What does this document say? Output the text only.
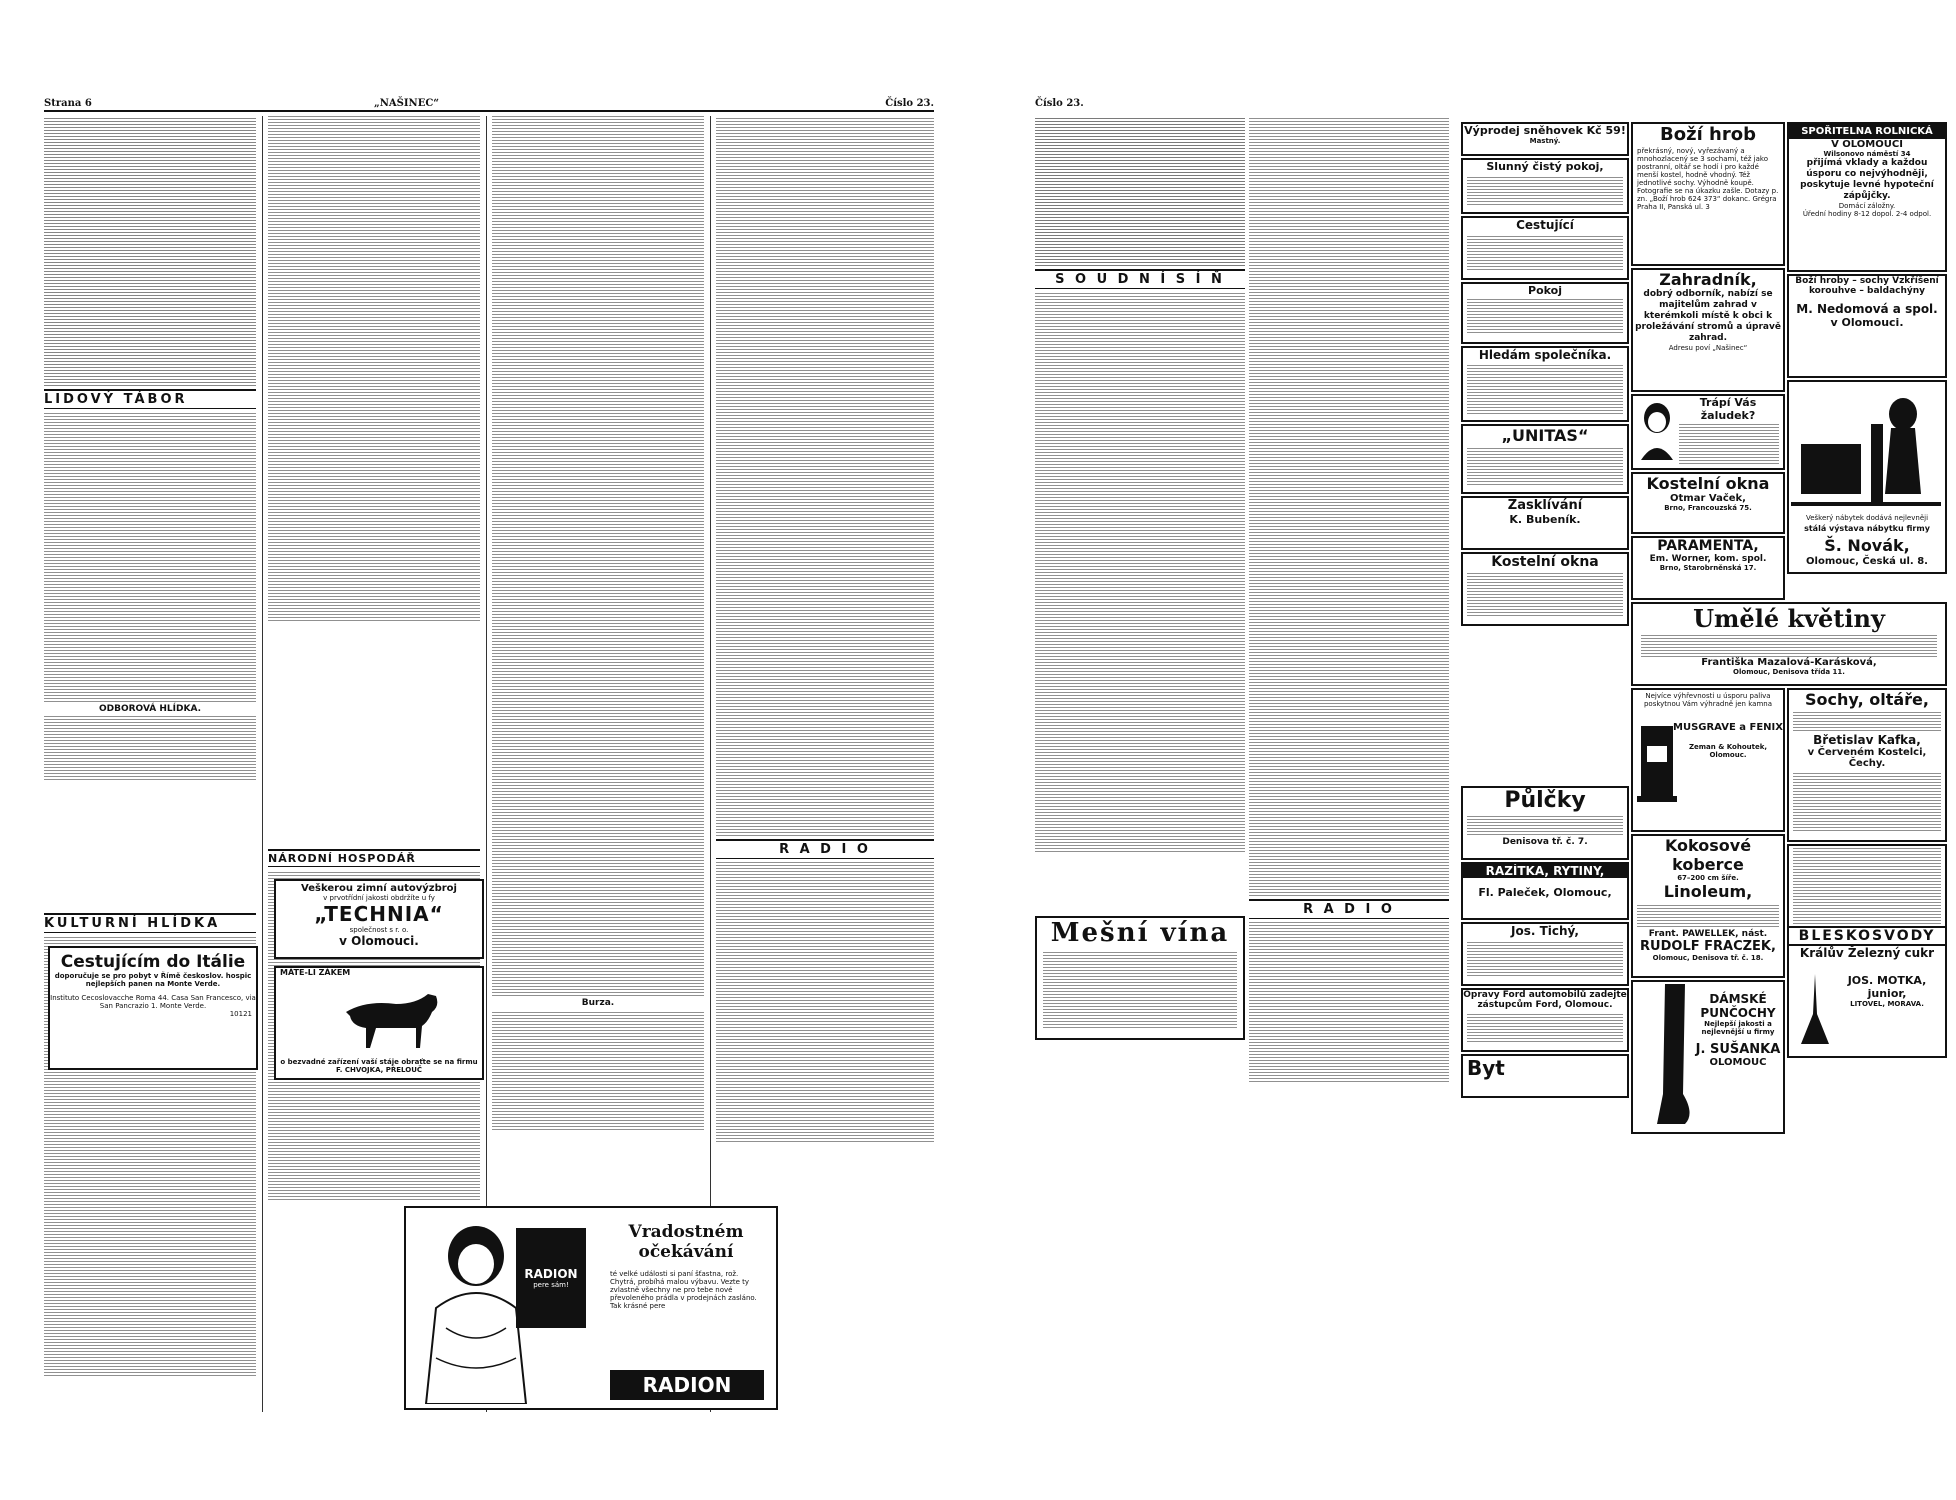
Strana 6	„NAŠINEC“	Číslo 23.
LIDOVÝ TÁBOR
ODBOROVÁ HLÍDKA.
KULTURNÍ HLÍDKA
NÁRODNÍ HOSPODÁŘ
Burza.
R A D I O
Cestujícím do Itálie
doporučuje se pro pobyt v Římě českoslov. hospic nejlepších panen na Monte Verde.
Instituto Cecoslovacche Roma 44. Casa San Francesco, via San Pancrazio 1. Monte Verde.
10121
Veškerou zimní autovýzbroj
v prvotřídní jakosti obdržíte u fy
„TECHNIA“
společnost s r. o.
v Olomouci.
MÁTE-LI ZÁKEM
o bezvadné zařízení vaší stáje obraťte se na firmu F. CHVOJKA, PŘELOUČ
RADION
pere sám!
Vradostném očekávání
té velké události si paní šťastna, rož. Chytrá, probíhá malou výbavu. Vezte ty zvlastně všechny ne pro tebe nové převoleného prádla v prodejnách zasláno. Tak krásné pere
RADION
Číslo 23.
S O U D N Í S Í Ň
R A D I O
Mešní vína
Výprodej sněhovek Kč 59!
Mastný.	Boží hrob
překrásný, nový, vyřezávaný a mnohozlacený se 3 sochami, též jako postranní, oltář se hodí i pro každé menší kostel, hodně vhodný. Též jednotlivé sochy. Výhodně koupě. Fotografie se na úkazku zašle. Dotazy p. zn. „Boží hrob 624 373“ dokanc. Grégra Praha II, Panská ul. 3
SPOŘITELNA ROLNICKÁ
V OLOMOUCI
Wilsonovo náměstí 34
přijímá vklady a každou úsporu co nejvýhodněji, poskytuje levné hypoteční zápůjčky.
Domácí záložny.
Úřední hodiny 8-12 dopol. 2-4 odpol.
Slunný čistý pokoj,
Cestující
Zahradník,
dobrý odborník, nabízí se majitelům zahrad v kterémkoli místě k obci k proležávání stromů a úpravě zahrad.
Adresu poví „Našinec“
Boží hroby – sochy Vzkříšení
korouhve – baldachýny
M. Nedomová a spol.
v Olomouci.
Pokoj
Trápí Vás žaludek?
Hledám společníka.
Kostelní okna
Otmar Vaček,
Brno, Francouzská 75.
Veškerý nábytek dodává nejlevněji
stálá výstava nábytku firmy
Š. Novák,
Olomouc, Česká ul. 8.
„UNITAS“
PARAMENTA,
Em. Worner, kom. spol.
Brno, Starobrněnská 17.
Zasklívání
K. Bubeník.
Kostelní okna
Umělé květiny
Františka Mazalová-Karásková,
Olomouc, Denisova třída 11.
Nejvíce výhřevnosti u úsporu paliva poskytnou Vám výhradně jen kamna
MUSGRAVE a FENIX
Zeman & Kohoutek, Olomouc.
Sochy, oltáře,
Břetislav Kafka,
v Červeném Kostelci, Čechy.
Půlčky
Denisova tř. č. 7.	Kokosové koberce
67–200 cm šíře.
Linoleum,
Frant. PAWELLEK, nást.
RUDOLF FRACZEK,
Olomouc, Denisova tř. č. 18.
RAZÍTKA, RYTINY,
Fl. Paleček, Olomouc,
Jos. Tichý,	BLESKOSVODY
Králův Železný cukr
JOS. MOTKA, junior,
LITOVEL, MORAVA.
Opravy Ford automobilů zadejte zástupcům Ford, Olomouc.
Byt
DÁMSKÉ PUNČOCHY
Nejlepší jakosti a nejlevnější u firmy
J. SUŠANKA
OLOMOUC
